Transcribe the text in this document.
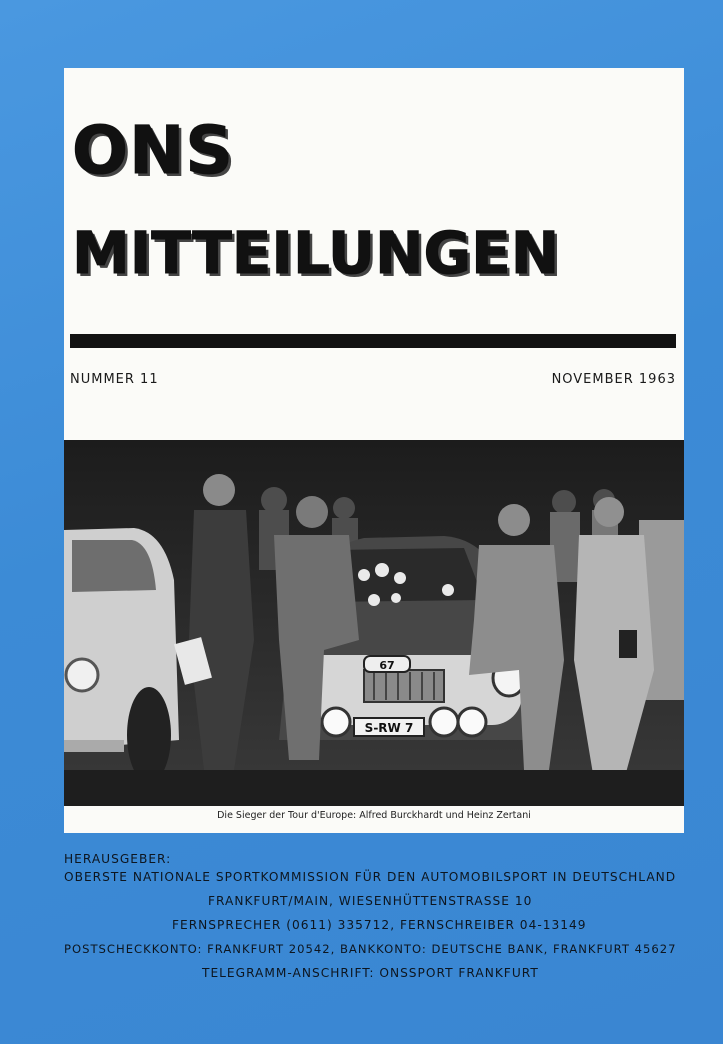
ONS
MITTEILUNGEN
NUMMER 11	NOVEMBER 1963
S-RW 7
67
Die Sieger der Tour d'Europe: Alfred Burckhardt und Heinz Zertani
HERAUSGEBER:
OBERSTE NATIONALE SPORTKOMMISSION FÜR DEN AUTOMOBILSPORT IN DEUTSCHLAND
FRANKFURT/MAIN, WIESENHÜTTENSTRASSE 10
FERNSPRECHER (0611) 335712, FERNSCHREIBER 04-13149
POSTSCHECKKONTO: FRANKFURT 20542, BANKKONTO: DEUTSCHE BANK, FRANKFURT 45627
TELEGRAMM-ANSCHRIFT: ONSSPORT FRANKFURT
